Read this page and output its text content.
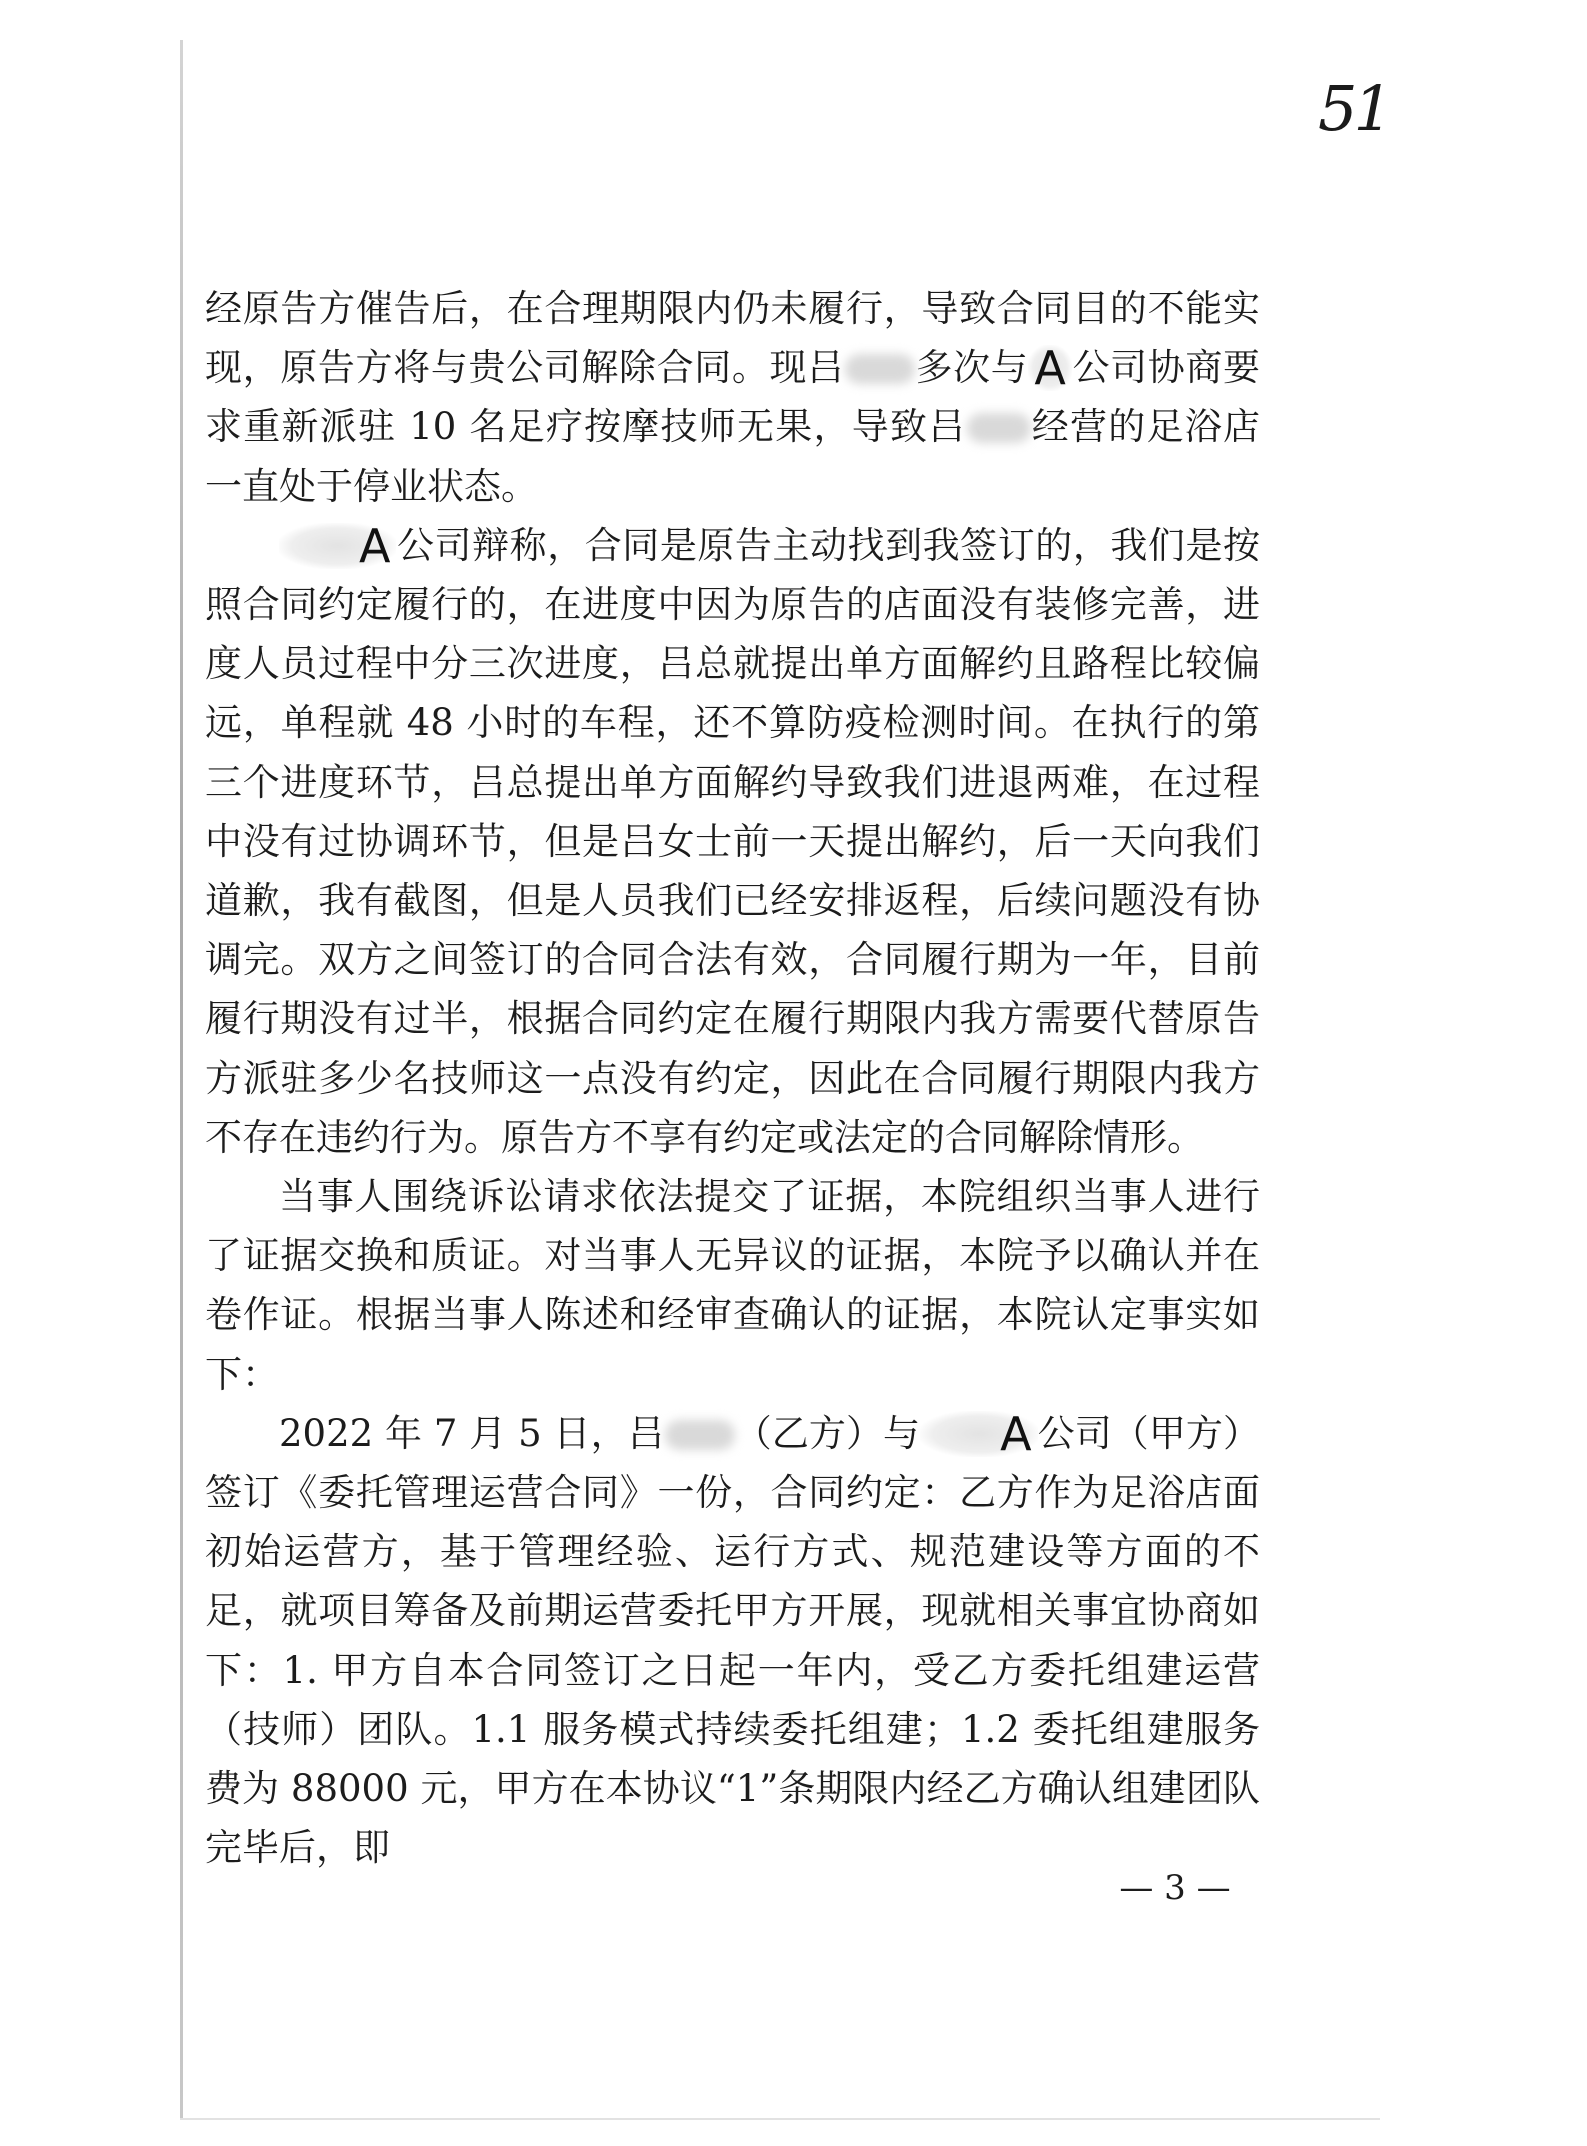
51

经原告方催告后，在合理期限内仍未履行，导致合同目的不能实现，原告方将与贵公司解除合同。现吕 多次与 A 公司协商要求重新派驻 10 名足疗按摩技师无果，导致吕 经营的足浴店一直处于停业状态。

A 公司辩称，合同是原告主动找到我签订的，我们是按照合同约定履行的，在进度中因为原告的店面没有装修完善，进度人员过程中分三次进度，吕总就提出单方面解约且路程比较偏远，单程就 48 小时的车程，还不算防疫检测时间。在执行的第三个进度环节，吕总提出单方面解约导致我们进退两难，在过程中没有过协调环节，但是吕女士前一天提出解约，后一天向我们道歉，我有截图，但是人员我们已经安排返程，后续问题没有协调完。双方之间签订的合同合法有效，合同履行期为一年，目前履行期没有过半，根据合同约定在履行期限内我方需要代替原告方派驻多少名技师这一点没有约定，因此在合同履行期限内我方不存在违约行为。原告方不享有约定或法定的合同解除情形。

当事人围绕诉讼请求依法提交了证据，本院组织当事人进行了证据交换和质证。对当事人无异议的证据，本院予以确认并在卷作证。根据当事人陈述和经审查确认的证据，本院认定事实如下：

2022 年 7 月 5 日，吕 （乙方）与 A 公司（甲方）签订《委托管理运营合同》一份，合同约定：乙方作为足浴店面初始运营方，基于管理经验、运行方式、规范建设等方面的不足，就项目筹备及前期运营委托甲方开展，现就相关事宜协商如下：1. 甲方自本合同签订之日起一年内，受乙方委托组建运营（技师）团队。1.1 服务模式持续委托组建；1.2 委托组建服务费为 88000 元，甲方在本协议“1”条期限内经乙方确认组建团队完毕后，即

— 3 —
